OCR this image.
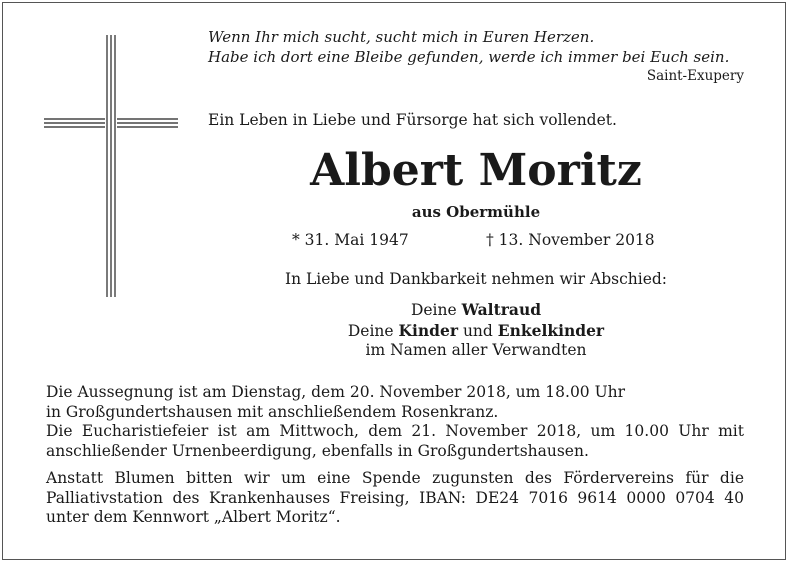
Wenn Ihr mich sucht, sucht mich in Euren Herzen.
Habe ich dort eine Bleibe gefunden, werde ich immer bei Euch sein.
Saint-Exupery
Ein Leben in Liebe und Fürsorge hat sich vollendet.
Albert Moritz
aus Obermühle
* 31. Mai 1947	† 13. November 2018
In Liebe und Dankbarkeit nehmen wir Abschied:
Deine Waltraud
Deine Kinder und Enkelkinder
im Namen aller Verwandten
Die Aussegnung ist am Dienstag, dem 20. November 2018, um 18.00 Uhr
in Großgundertshausen mit anschließendem Rosenkranz.
Die Eucharistiefeier ist am Mittwoch, dem 21. November 2018, um 10.00 Uhr mit anschließender Urnenbeerdigung, ebenfalls in Großgundertshausen.
Anstatt Blumen bitten wir um eine Spende zugunsten des Fördervereins für die Palliativstation des Krankenhauses Freising, IBAN: DE24 7016 9614 0000 0704 40 unter dem Kennwort „Albert Moritz“.
